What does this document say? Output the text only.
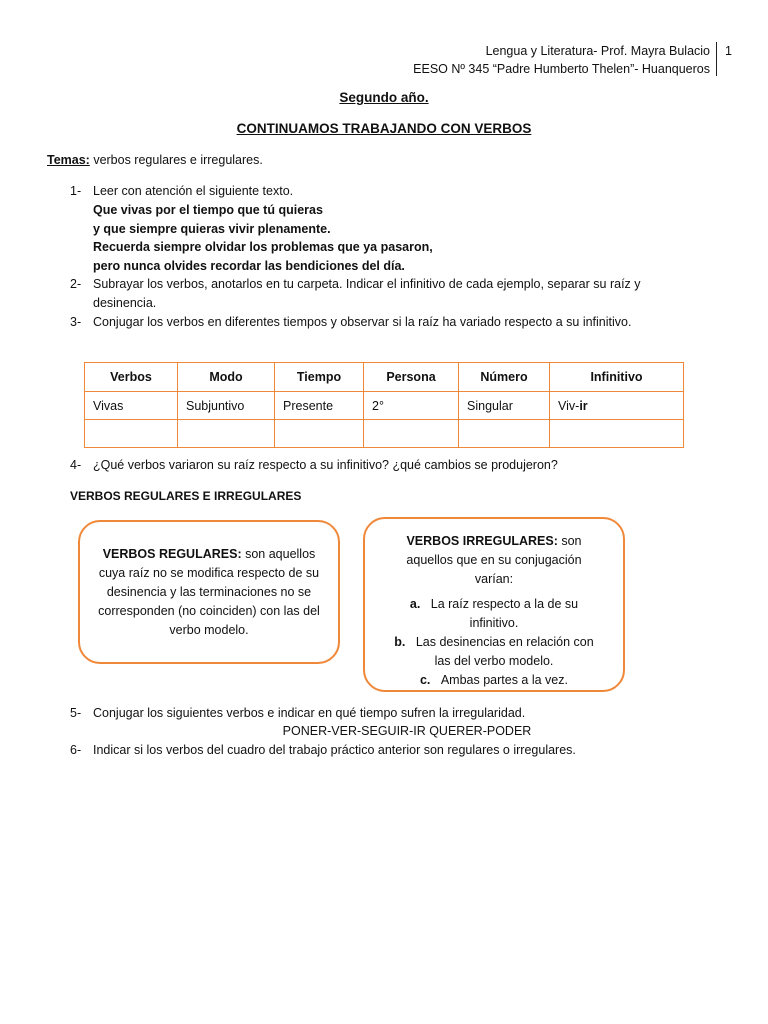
Lengua y Literatura- Prof. Mayra Bulacio
EESO Nº 345 “Padre Humberto Thelen”- Huanqueros
1
Segundo año.
CONTINUAMOS TRABAJANDO CON VERBOS
Temas: verbos regulares e irregulares.
1- Leer con atención el siguiente texto.
Que vivas por el tiempo que tú quieras
y que siempre quieras vivir plenamente.
Recuerda siempre olvidar los problemas que ya pasaron,
pero nunca olvides recordar las bendiciones del día.
2- Subrayar los verbos, anotarlos en tu carpeta. Indicar el infinitivo de cada ejemplo, separar su raíz y
desinencia.
3- Conjugar los verbos en diferentes tiempos y observar si la raíz ha variado respecto a su infinitivo.
Verbos	Modo	Tiempo	Persona	Número	Infinitivo
Vivas	Subjuntivo	Presente	2°	Singular	Viv-ir

4- ¿Qué verbos variaron su raíz respecto a su infinitivo? ¿qué cambios se produjeron?
VERBOS REGULARES E IRREGULARES
VERBOS REGULARES: son aquellos cuya raíz no se modifica respecto de su desinencia y las terminaciones no se corresponden (no coinciden) con las del verbo modelo.
VERBOS IRREGULARES: son aquellos que en su conjugación varían:
a. La raíz respecto a la de su infinitivo.
b. Las desinencias en relación con las del verbo modelo.
c. Ambas partes a la vez.
5- Conjugar los siguientes verbos e indicar en qué tiempo sufren la irregularidad.
PONER-VER-SEGUIR-IR QUERER-PODER
6- Indicar si los verbos del cuadro del trabajo práctico anterior son regulares o irregulares.
